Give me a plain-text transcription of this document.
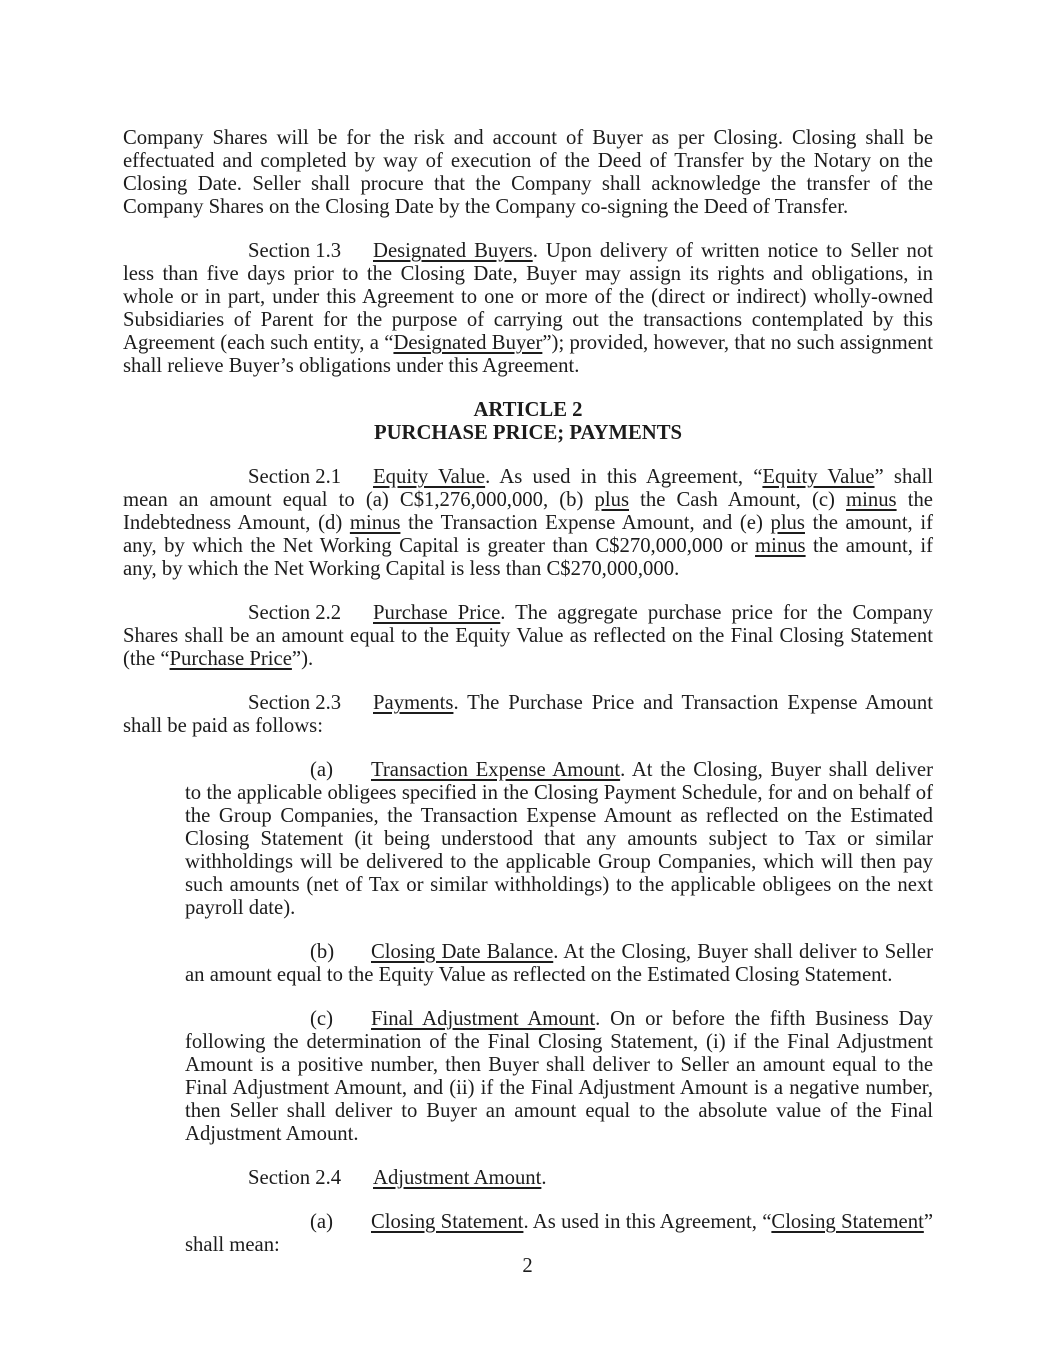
Company Shares will be for the risk and account of Buyer as per Closing. Closing shall be effectuated and completed by way of execution of the Deed of Transfer by the Notary on the Closing Date. Seller shall procure that the Company shall acknowledge the transfer of the Company Shares on the Closing Date by the Company co-signing the Deed of Transfer.

Section 1.3 Designated Buyers. Upon delivery of written notice to Seller not less than five days prior to the Closing Date, Buyer may assign its rights and obligations, in whole or in part, under this Agreement to one or more of the (direct or indirect) wholly-owned Subsidiaries of Parent for the purpose of carrying out the transactions contemplated by this Agreement (each such entity, a “Designated Buyer”); provided, however, that no such assignment shall relieve Buyer’s obligations under this Agreement.

ARTICLE 2

PURCHASE PRICE; PAYMENTS

Section 2.1 Equity Value. As used in this Agreement, “Equity Value” shall mean an amount equal to (a) C$1,276,000,000, (b) plus the Cash Amount, (c) minus the Indebtedness Amount, (d) minus the Transaction Expense Amount, and (e) plus the amount, if any, by which the Net Working Capital is greater than C$270,000,000 or minus the amount, if any, by which the Net Working Capital is less than C$270,000,000.

Section 2.2 Purchase Price. The aggregate purchase price for the Company Shares shall be an amount equal to the Equity Value as reflected on the Final Closing Statement (the “Purchase Price”).

Section 2.3 Payments. The Purchase Price and Transaction Expense Amount shall be paid as follows:

(a) Transaction Expense Amount. At the Closing, Buyer shall deliver to the applicable obligees specified in the Closing Payment Schedule, for and on behalf of the Group Companies, the Transaction Expense Amount as reflected on the Estimated Closing Statement (it being understood that any amounts subject to Tax or similar withholdings will be delivered to the applicable Group Companies, which will then pay such amounts (net of Tax or similar withholdings) to the applicable obligees on the next payroll date).

(b) Closing Date Balance. At the Closing, Buyer shall deliver to Seller an amount equal to the Equity Value as reflected on the Estimated Closing Statement.

(c) Final Adjustment Amount. On or before the fifth Business Day following the determination of the Final Closing Statement, (i) if the Final Adjustment Amount is a positive number, then Buyer shall deliver to Seller an amount equal to the Final Adjustment Amount, and (ii) if the Final Adjustment Amount is a negative number, then Seller shall deliver to Buyer an amount equal to the absolute value of the Final Adjustment Amount.

Section 2.4 Adjustment Amount.

(a) Closing Statement. As used in this Agreement, “Closing Statement” shall mean:

2
